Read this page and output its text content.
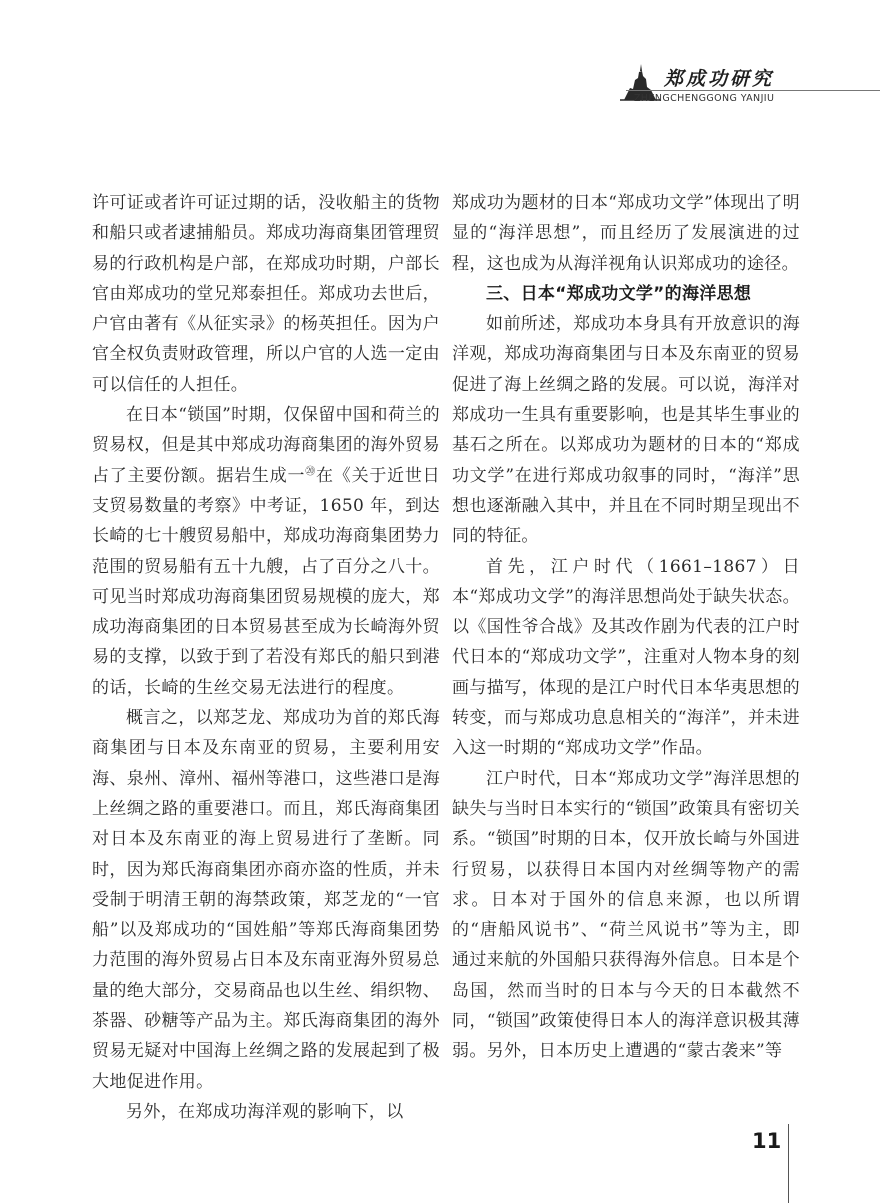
郑成功研究
ZHENGCHENGGONG YANJIU

许可证或者许可证过期的话，没收船主的货物和船只或者逮捕船员。郑成功海商集团管理贸易的行政机构是户部，在郑成功时期，户部长官由郑成功的堂兄郑泰担任。郑成功去世后，户官由著有《从征实录》的杨英担任。因为户官全权负责财政管理，所以户官的人选一定由可以信任的人担任。

在日本“锁国”时期，仅保留中国和荷兰的贸易权，但是其中郑成功海商集团的海外贸易占了主要份额。据岩生成一⑳在《关于近世日支贸易数量的考察》中考证，1650 年，到达长崎的七十艘贸易船中，郑成功海商集团势力范围的贸易船有五十九艘，占了百分之八十。可见当时郑成功海商集团贸易规模的庞大，郑成功海商集团的日本贸易甚至成为长崎海外贸易的支撑，以致于到了若没有郑氏的船只到港的话，长崎的生丝交易无法进行的程度。

概言之，以郑芝龙、郑成功为首的郑氏海商集团与日本及东南亚的贸易，主要利用安海、泉州、漳州、福州等港口，这些港口是海上丝绸之路的重要港口。而且，郑氏海商集团对日本及东南亚的海上贸易进行了垄断。同时，因为郑氏海商集团亦商亦盗的性质，并未受制于明清王朝的海禁政策，郑芝龙的“一官船”以及郑成功的“国姓船”等郑氏海商集团势力范围的海外贸易占日本及东南亚海外贸易总量的绝大部分，交易商品也以生丝、绢织物、茶器、砂糖等产品为主。郑氏海商集团的海外贸易无疑对中国海上丝绸之路的发展起到了极大地促进作用。

另外，在郑成功海洋观的影响下，以

郑成功为题材的日本“郑成功文学”体现出了明显的“海洋思想”，而且经历了发展演进的过程，这也成为从海洋视角认识郑成功的途径。

三、日本“郑成功文学”的海洋思想

如前所述，郑成功本身具有开放意识的海洋观，郑成功海商集团与日本及东南亚的贸易促进了海上丝绸之路的发展。可以说，海洋对郑成功一生具有重要影响，也是其毕生事业的基石之所在。以郑成功为题材的日本的“郑成功文学”在进行郑成功叙事的同时，“海洋”思想也逐渐融入其中，并且在不同时期呈现出不同的特征。

首先，江户时代（1661–1867）日本“郑成功文学”的海洋思想尚处于缺失状态。以《国性爷合战》及其改作剧为代表的江户时代日本的“郑成功文学”，注重对人物本身的刻画与描写，体现的是江户时代日本华夷思想的转变，而与郑成功息息相关的“海洋”，并未进入这一时期的“郑成功文学”作品。

江户时代，日本“郑成功文学”海洋思想的缺失与当时日本实行的“锁国”政策具有密切关系。“锁国”时期的日本，仅开放长崎与外国进行贸易，以获得日本国内对丝绸等物产的需求。日本对于国外的信息来源，也以所谓的“唐船风说书”、“荷兰风说书”等为主，即通过来航的外国船只获得海外信息。日本是个岛国，然而当时的日本与今天的日本截然不同，“锁国”政策使得日本人的海洋意识极其薄弱。另外，日本历史上遭遇的“蒙古袭来”等

11
